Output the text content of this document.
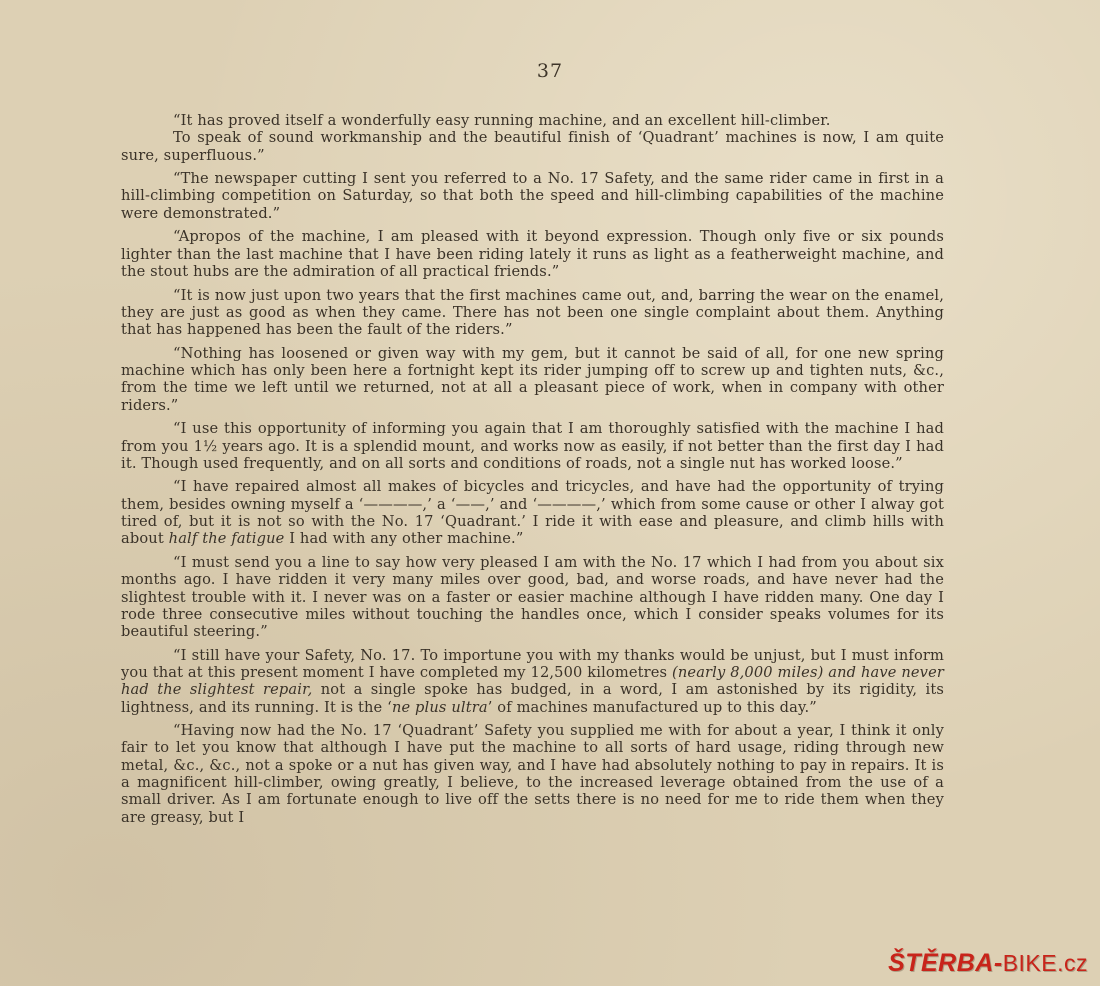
37

“It has proved itself a wonderfully easy running machine, and an excellent hill-climber.
To speak of sound workmanship and the beautiful finish of ‘Quadrant’ machines is now, I am quite sure, superfluous.”

“The newspaper cutting I sent you referred to a No. 17 Safety, and the same rider came in first in a hill-climbing competition on Saturday, so that both the speed and hill-climbing capabilities of the machine were demonstrated.”

“Apropos of the machine, I am pleased with it beyond expression. Though only five or six pounds lighter than the last machine that I have been riding lately it runs as light as a featherweight machine, and the stout hubs are the admiration of all practical friends.”

“It is now just upon two years that the first machines came out, and, barring the wear on the enamel, they are just as good as when they came. There has not been one single complaint about them. Anything that has happened has been the fault of the riders.”

“Nothing has loosened or given way with my gem, but it cannot be said of all, for one new spring machine which has only been here a fortnight kept its rider jumping off to screw up and tighten nuts, &c., from the time we left until we returned, not at all a pleasant piece of work, when in company with other riders.”

“I use this opportunity of informing you again that I am thoroughly satisfied with the machine I had from you 1½ years ago. It is a splendid mount, and works now as easily, if not better than the first day I had it. Though used frequently, and on all sorts and conditions of roads, not a single nut has worked loose.”

“I have repaired almost all makes of bicycles and tricycles, and have had the opportunity of trying them, besides owning myself a ‘————,’ a ‘——,’ and ‘————,’ which from some cause or other I alway got tired of, but it is not so with the No. 17 ‘Quadrant.’ I ride it with ease and pleasure, and climb hills with about half the fatigue I had with any other machine.”

“I must send you a line to say how very pleased I am with the No. 17 which I had from you about six months ago. I have ridden it very many miles over good, bad, and worse roads, and have never had the slightest trouble with it. I never was on a faster or easier machine although I have ridden many. One day I rode three consecutive miles without touching the handles once, which I consider speaks volumes for its beautiful steering.”

“I still have your Safety, No. 17. To importune you with my thanks would be unjust, but I must inform you that at this present moment I have completed my 12,500 kilometres (nearly 8,000 miles) and have never had the slightest repair, not a single spoke has budged, in a word, I am astonished by its rigidity, its lightness, and its running. It is the ‘ne plus ultra’ of machines manufactured up to this day.”

“Having now had the No. 17 ‘Quadrant’ Safety you supplied me with for about a year, I think it only fair to let you know that although I have put the machine to all sorts of hard usage, riding through new metal, &c., &c., not a spoke or a nut has given way, and I have had absolutely nothing to pay in repairs. It is a magnificent hill-climber, owing greatly, I believe, to the increased leverage obtained from the use of a small driver. As I am fortunate enough to live off the setts there is no need for me to ride them when they are greasy, but I

ŠTĚRBA-BIKE.cz
